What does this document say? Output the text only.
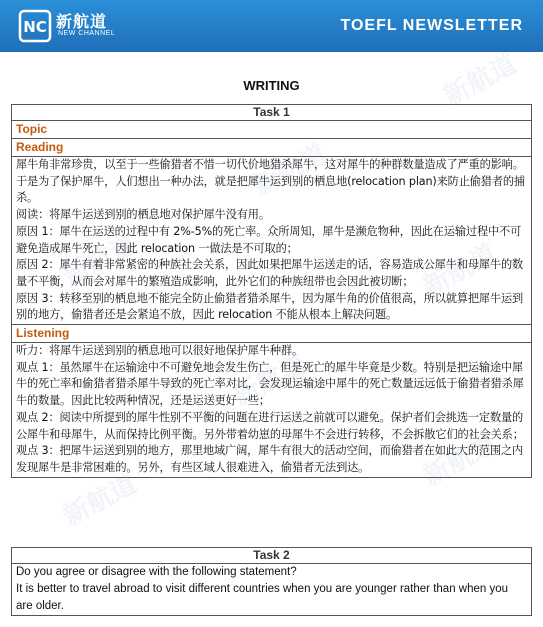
NC 新航道
NEW CHANNEL	TOEFL NEWSLETTER
新航道
新航道
新航道
新航道
新航道
新航道
新航道
WRITING
Task 1
Topic
Reading

犀牛角非常珍贵，以至于一些偷猎者不惜一切代价地猎杀犀牛，这对犀牛的种群数量造成了严重的影响。于是为了保护犀牛，人们想出一种办法，就是把犀牛运到别的栖息地(relocation plan)来防止偷猎者的捕杀。

阅读：将犀牛运送到别的栖息地对保护犀牛没有用。

原因 1：犀牛在运送的过程中有 2%-5%的死亡率。众所周知，犀牛是濒危物种，因此在运输过程中不可避免造成犀牛死亡，因此 relocation 一做法是不可取的；

原因 2：犀牛有着非常紧密的种族社会关系，因此如果把犀牛运送走的话，容易造成公犀牛和母犀牛的数量不平衡，从而会对犀牛的繁殖造成影响，此外它们的种族纽带也会因此被切断；

原因 3：转移至别的栖息地不能完全防止偷猎者猎杀犀牛，因为犀牛角的价值很高，所以就算把犀牛运到别的地方，偷猎者还是会紧追不放，因此 relocation 不能从根本上解决问题。

Listening

听力：将犀牛运送到别的栖息地可以很好地保护犀牛种群。

观点 1：虽然犀牛在运输途中不可避免地会发生伤亡，但是死亡的犀牛毕竟是少数。特别是把运输途中犀牛的死亡率和偷猎者猎杀犀牛导致的死亡率对比，会发现运输途中犀牛的死亡数量远远低于偷猎者猎杀犀牛的数量。因此比较两种情况，还是运送更好一些；

观点 2：阅读中所提到的犀牛性别不平衡的问题在进行运送之前就可以避免。保护者们会挑选一定数量的公犀牛和母犀牛，从而保持比例平衡。另外带着幼崽的母犀牛不会进行转移，不会拆散它们的社会关系；

观点 3：把犀牛运送到别的地方，那里地域广阔，犀牛有很大的活动空间，而偷猎者在如此大的范围之内发现犀牛是非常困难的。另外，有些区域人很难进入，偷猎者无法到达。

Task 2

Do you agree or disagree with the following statement?

It is better to travel abroad to visit different countries when you are younger rather than when you are older.
